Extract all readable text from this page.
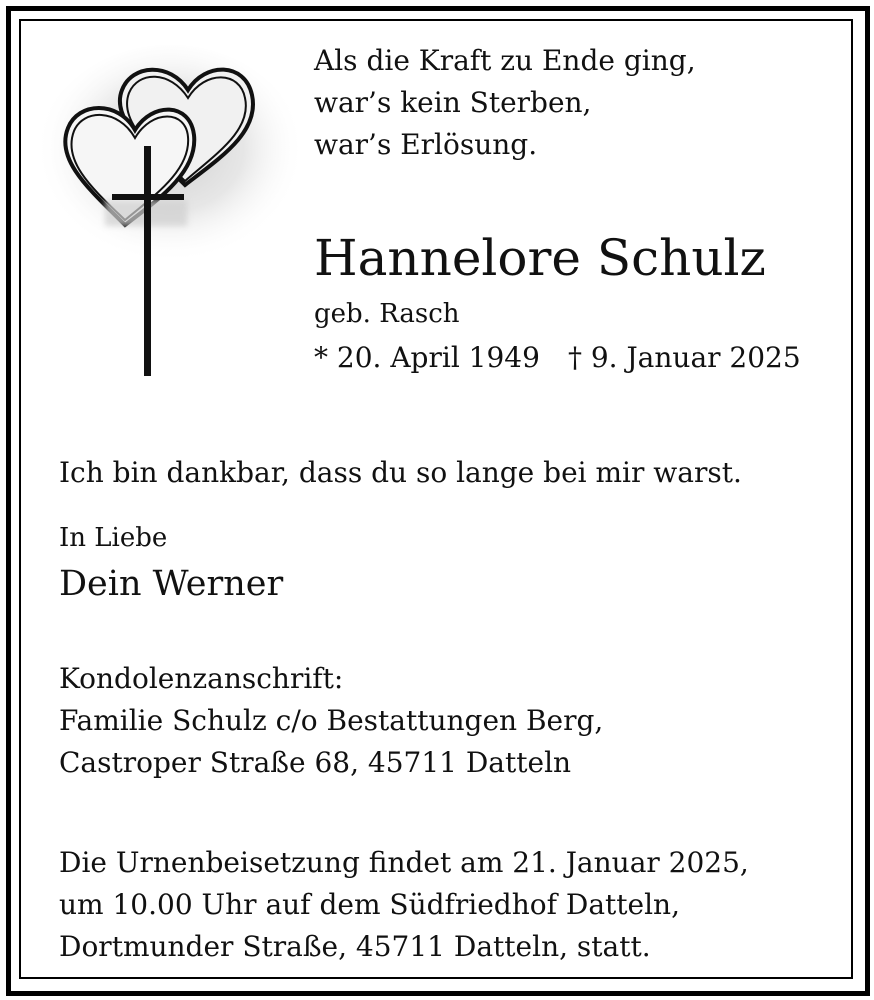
Als die Kraft zu Ende ging,
war’s kein Sterben,
war’s Erlösung.
Hannelore Schulz
geb. Rasch
* 20. April 1949 † 9. Januar 2025
Ich bin dankbar, dass du so lange bei mir warst.
In Liebe
Dein Werner
Kondolenzanschrift:
Familie Schulz c/o Bestattungen Berg,
Castroper Straße 68, 45711 Datteln
Die Urnenbeisetzung findet am 21. Januar 2025,
um 10.00 Uhr auf dem Südfriedhof Datteln,
Dortmunder Straße, 45711 Datteln, statt.
